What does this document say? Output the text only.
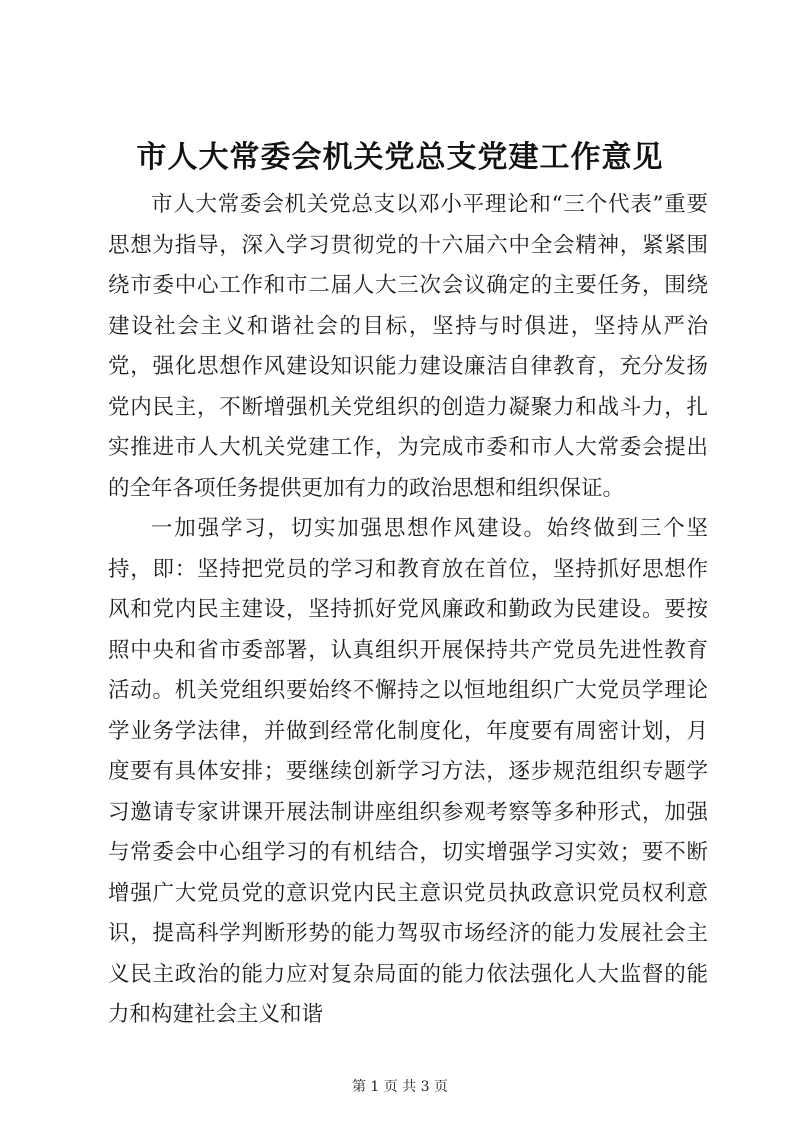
市人大常委会机关党总支党建工作意见

市人大常委会机关党总支以邓小平理论和“三个代表”重要思想为指导，深入学习贯彻党的十六届六中全会精神，紧紧围绕市委中心工作和市二届人大三次会议确定的主要任务，围绕建设社会主义和谐社会的目标，坚持与时俱进，坚持从严治党，强化思想作风建设知识能力建设廉洁自律教育，充分发扬党内民主，不断增强机关党组织的创造力凝聚力和战斗力，扎实推进市人大机关党建工作，为完成市委和市人大常委会提出的全年各项任务提供更加有力的政治思想和组织保证。

一加强学习，切实加强思想作风建设。始终做到三个坚持，即：坚持把党员的学习和教育放在首位，坚持抓好思想作风和党内民主建设，坚持抓好党风廉政和勤政为民建设。要按照中央和省市委部署，认真组织开展保持共产党员先进性教育活动。机关党组织要始终不懈持之以恒地组织广大党员学理论学业务学法律，并做到经常化制度化，年度要有周密计划，月度要有具体安排；要继续创新学习方法，逐步规范组织专题学习邀请专家讲课开展法制讲座组织参观考察等多种形式，加强与常委会中心组学习的有机结合，切实增强学习实效；要不断增强广大党员党的意识党内民主意识党员执政意识党员权利意识，提高科学判断形势的能力驾驭市场经济的能力发展社会主义民主政治的能力应对复杂局面的能力依法强化人大监督的能力和构建社会主义和谐

第 1 页 共 3 页
